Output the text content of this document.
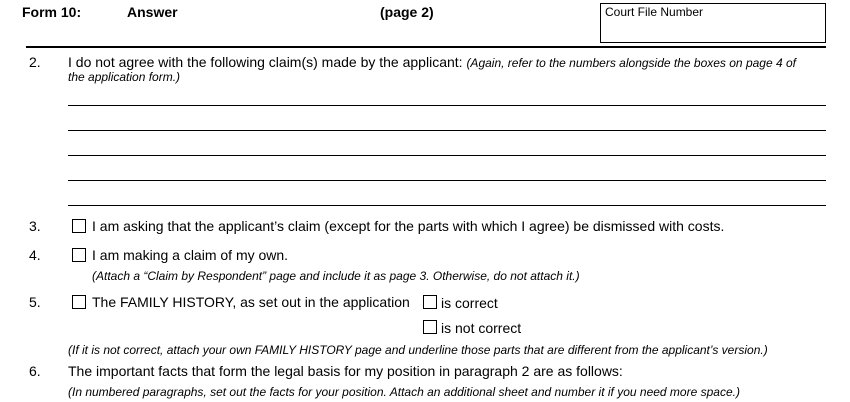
Form 10:	Answer	(page 2)	Court File Number
2. I do not agree with the following claim(s) made by the applicant: (Again, refer to the numbers alongside the boxes on page 4 of
the application form.)
3.	I am asking that the applicant’s claim (except for the parts with which I agree) be dismissed with costs.
4.	I am making a claim of my own.
(Attach a “Claim by Respondent” page and include it as page 3. Otherwise, do not attach it.)
5.	The FAMILY HISTORY, as set out in the application is correct
is not correct
(If it is not correct, attach your own FAMILY HISTORY page and underline those parts that are different from the applicant’s version.)
6. The important facts that form the legal basis for my position in paragraph 2 are as follows:
(In numbered paragraphs, set out the facts for your position. Attach an additional sheet and number it if you need more space.)
